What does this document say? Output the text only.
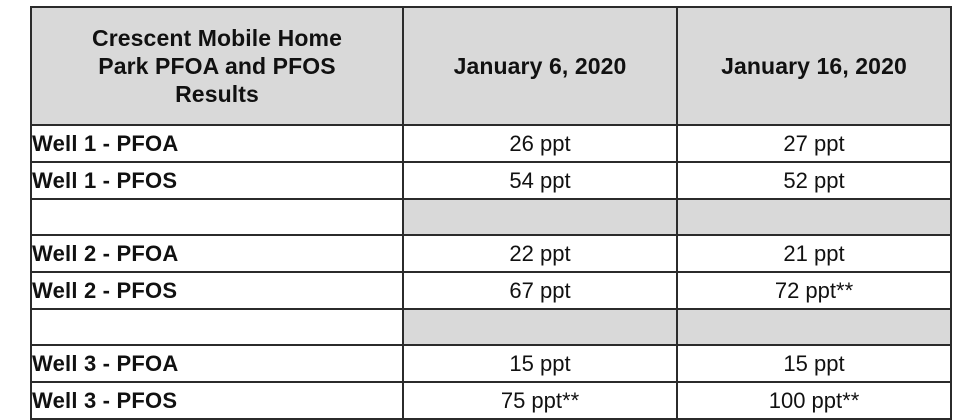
Crescent Mobile Home Park PFOA and PFOS Results	January 6, 2020	January 16, 2020
Well 1 - PFOA	26 ppt	27 ppt
Well 1 - PFOS	54 ppt	52 ppt

Well 2 - PFOA	22 ppt	21 ppt
Well 2 - PFOS	67 ppt	72 ppt**

Well 3 - PFOA	15 ppt	15 ppt
Well 3 - PFOS	75 ppt**	100 ppt**
